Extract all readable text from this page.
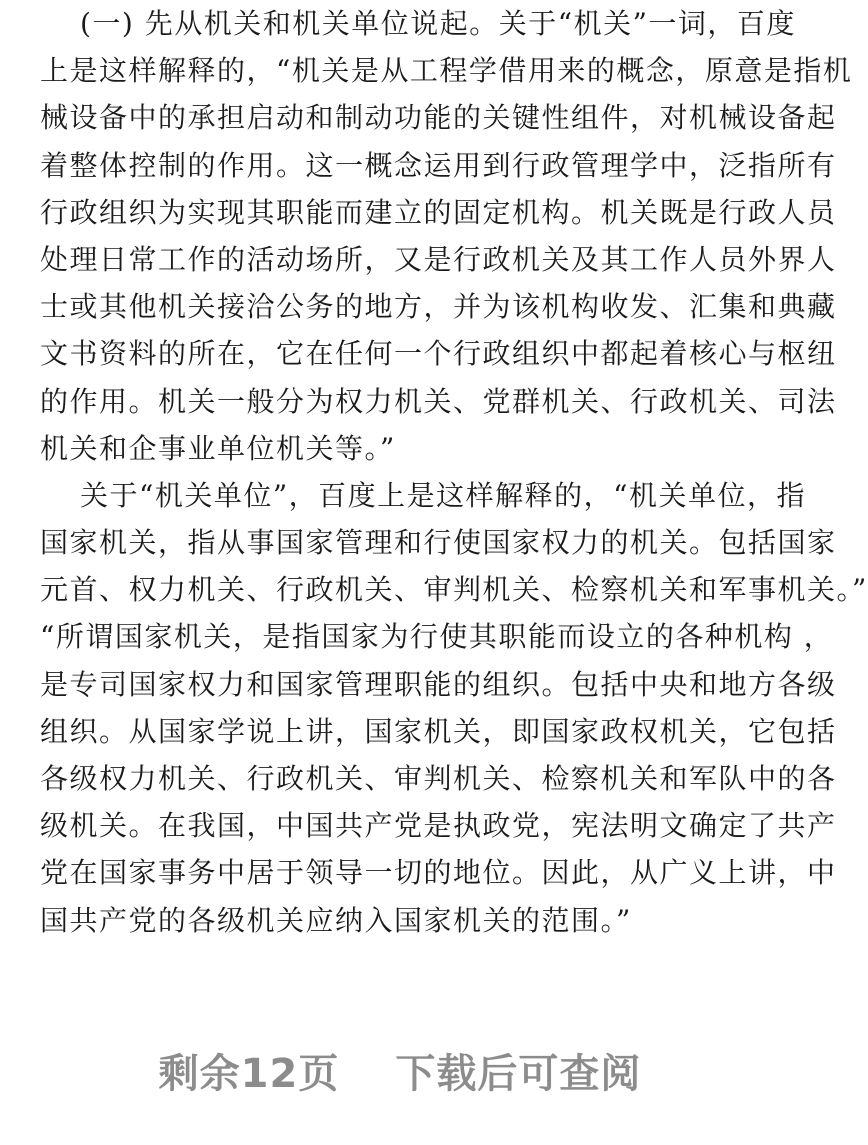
(一) 先从机关和机关单位说起。关于“机关”一词，百度
上是这样解释的，“机关是从工程学借用来的概念，原意是指机
械设备中的承担启动和制动功能的关键性组件，对机械设备起
着整体控制的作用。这一概念运用到行政管理学中，泛指所有
行政组织为实现其职能而建立的固定机构。机关既是行政人员
处理日常工作的活动场所，又是行政机关及其工作人员外界人
士或其他机关接洽公务的地方，并为该机构收发、汇集和典藏
文书资料的所在，它在任何一个行政组织中都起着核心与枢纽
的作用。机关一般分为权力机关、党群机关、行政机关、司法
机关和企事业单位机关等。”
关于“机关单位”，百度上是这样解释的，“机关单位，指
国家机关，指从事国家管理和行使国家权力的机关。包括国家
元首、权力机关、行政机关、审判机关、检察机关和军事机关。”
“所谓国家机关，是指国家为行使其职能而设立的各种机构 ，
是专司国家权力和国家管理职能的组织。包括中央和地方各级
组织。从国家学说上讲，国家机关，即国家政权机关，它包括
各级权力机关、行政机关、审判机关、检察机关和军队中的各
级机关。在我国，中国共产党是执政党，宪法明文确定了共产
党在国家事务中居于领导一切的地位。因此，从广义上讲，中
国共产党的各级机关应纳入国家机关的范围。”
剩余12页 下载后可查阅
